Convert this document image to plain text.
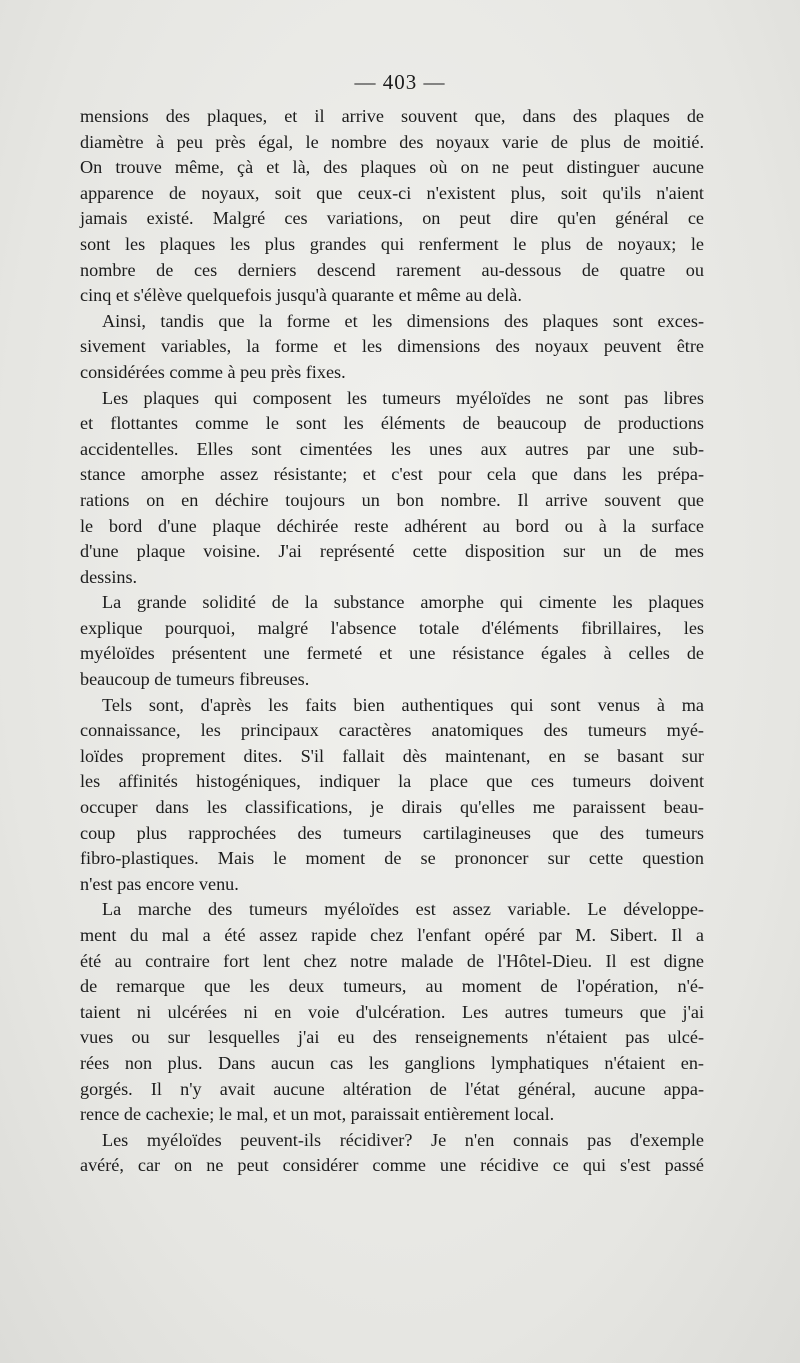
— 403 —

mensions des plaques, et il arrive souvent que, dans des plaques de
diamètre à peu près égal, le nombre des noyaux varie de plus de moitié.
On trouve même, çà et là, des plaques où on ne peut distinguer aucune
apparence de noyaux, soit que ceux-ci n'existent plus, soit qu'ils n'aient
jamais existé. Malgré ces variations, on peut dire qu'en général ce
sont les plaques les plus grandes qui renferment le plus de noyaux; le
nombre de ces derniers descend rarement au-dessous de quatre ou
cinq et s'élève quelquefois jusqu'à quarante et même au delà.

Ainsi, tandis que la forme et les dimensions des plaques sont exces-
sivement variables, la forme et les dimensions des noyaux peuvent être
considérées comme à peu près fixes.

Les plaques qui composent les tumeurs myéloïdes ne sont pas libres
et flottantes comme le sont les éléments de beaucoup de productions
accidentelles. Elles sont cimentées les unes aux autres par une sub-
stance amorphe assez résistante; et c'est pour cela que dans les prépa-
rations on en déchire toujours un bon nombre. Il arrive souvent que
le bord d'une plaque déchirée reste adhérent au bord ou à la surface
d'une plaque voisine. J'ai représenté cette disposition sur un de mes
dessins.

La grande solidité de la substance amorphe qui cimente les plaques
explique pourquoi, malgré l'absence totale d'éléments fibrillaires, les
myéloïdes présentent une fermeté et une résistance égales à celles de
beaucoup de tumeurs fibreuses.

Tels sont, d'après les faits bien authentiques qui sont venus à ma
connaissance, les principaux caractères anatomiques des tumeurs myé-
loïdes proprement dites. S'il fallait dès maintenant, en se basant sur
les affinités histogéniques, indiquer la place que ces tumeurs doivent
occuper dans les classifications, je dirais qu'elles me paraissent beau-
coup plus rapprochées des tumeurs cartilagineuses que des tumeurs
fibro-plastiques. Mais le moment de se prononcer sur cette question
n'est pas encore venu.

La marche des tumeurs myéloïdes est assez variable. Le développe-
ment du mal a été assez rapide chez l'enfant opéré par M. Sibert. Il a
été au contraire fort lent chez notre malade de l'Hôtel-Dieu. Il est digne
de remarque que les deux tumeurs, au moment de l'opération, n'é-
taient ni ulcérées ni en voie d'ulcération. Les autres tumeurs que j'ai
vues ou sur lesquelles j'ai eu des renseignements n'étaient pas ulcé-
rées non plus. Dans aucun cas les ganglions lymphatiques n'étaient en-
gorgés. Il n'y avait aucune altération de l'état général, aucune appa-
rence de cachexie; le mal, et un mot, paraissait entièrement local.

Les myéloïdes peuvent-ils récidiver? Je n'en connais pas d'exemple
avéré, car on ne peut considérer comme une récidive ce qui s'est passé
